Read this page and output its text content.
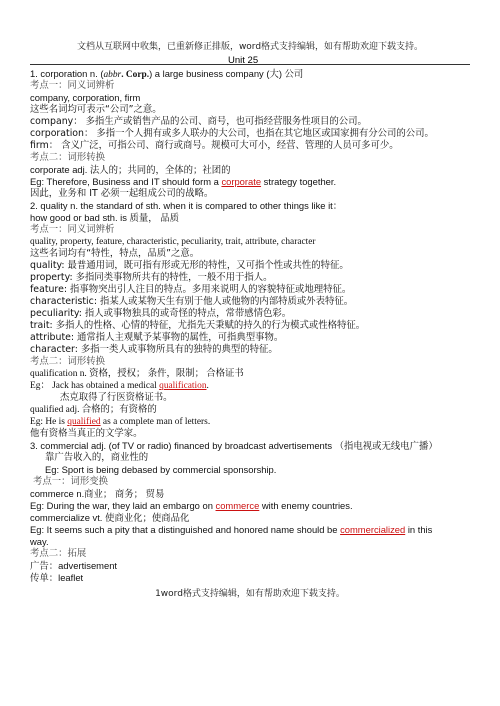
文档从互联网中收集，已重新修正排版，word格式支持编辑，如有帮助欢迎下载支持。
Unit 25
1. corporation n. (abbr. Corp.) a large business company (大) 公司
考点一：同义词辨析
company, corporation, firm
这些名词均可表示“公司”之意。
company： 多指生产或销售产品的公司、商号，也可指经营服务性项目的公司。
corporation： 多指一个人拥有或多人联办的大公司，也指在其它地区或国家拥有分公司的公司。
firm： 含义广泛，可指公司、商行或商号。规模可大可小，经营、管理的人员可多可少。
考点二：词形转换
corporate adj. 法人的；共同的，全体的；社团的
Eg: Therefore, Business and IT should form a corporate strategy together.
因此，业务和 IT 必须一起组成公司的战略。
2. quality n. the standard of sth. when it is compared to other things like it：
how good or bad sth. is 质量， 品质
考点一：同义词辨析
quality, property, feature, characteristic, peculiarity, trait, attribute, character
这些名词均有“特性，特点，品质”之意。
quality: 最普通用词，既可指有形或无形的特性，又可指个性或共性的特征。
property: 多指同类事物所共有的特性，一般不用于指人。
feature: 指事物突出引人注目的特点。多用来说明人的容貌特征或地理特征。
characteristic: 指某人或某物天生有别于他人或他物的内部特质或外表特征。
peculiarity: 指人或事物独具的或奇怪的特点，常带感情色彩。
trait: 多指人的性格、心情的特征，尤指先天秉赋的持久的行为模式或性格特征。
attribute: 通常指人主观赋予某事物的属性，可指典型事物。
character: 多指一类人或事物所具有的独特的典型的特征。
考点二：词形转换
qualification n. 资格，授权； 条件，限制； 合格证书
Eg： Jack has obtained a medical qualification.
杰克取得了行医资格证书。
qualified adj. 合格的；有资格的
Eg: He is qualified as a complete man of letters.
他有资格当真正的文学家。
3. commercial adj. (of TV or radio) financed by broadcast advertisements （指电视或无线电广播）
靠广告收入的，商业性的
Eg: Sport is being debased by commercial sponsorship.
考点一：词形变换
commerce n.商业； 商务； 贸易
Eg: During the war, they laid an embargo on commerce with enemy countries.
commercialize vt. 使商业化；使商品化
Eg: It seems such a pity that a distinguished and honored name should be commercialized in this
way.
考点二：拓展
广告：advertisement
传单：leaflet
1word格式支持编辑，如有帮助欢迎下载支持。
